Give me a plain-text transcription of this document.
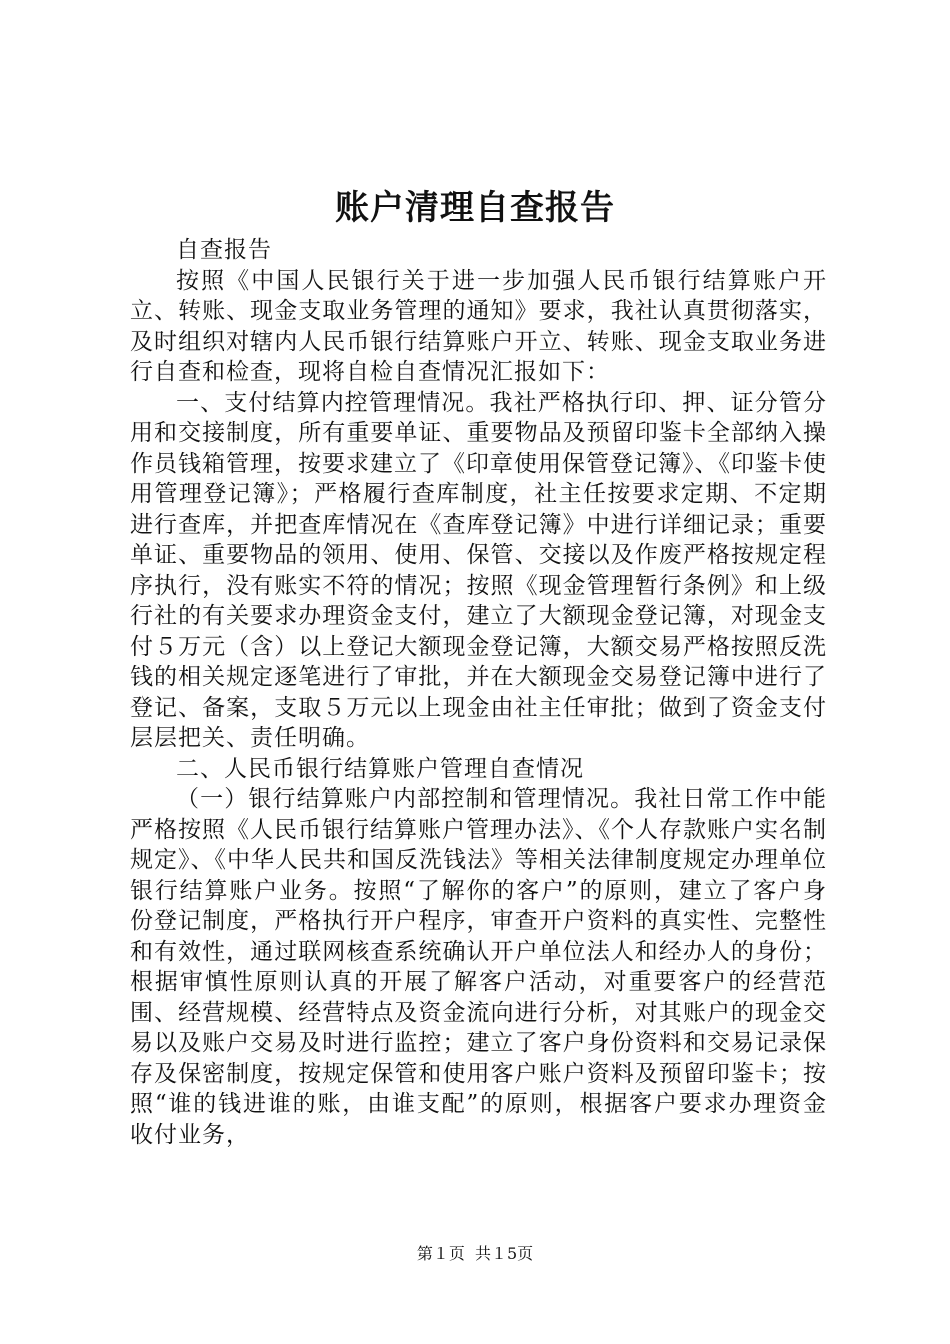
账户清理自查报告

自查报告

按照《中国人民银行关于进一步加强人民币银行结算账户开立、转账、现金支取业务管理的通知》要求，我社认真贯彻落实，及时组织对辖内人民币银行结算账户开立、转账、现金支取业务进行自查和检查，现将自检自查情况汇报如下：

一、支付结算内控管理情况。我社严格执行印、押、证分管分用和交接制度，所有重要单证、重要物品及预留印鉴卡全部纳入操作员钱箱管理，按要求建立了《印章使用保管登记簿》、《印鉴卡使用管理登记簿》；严格履行查库制度，社主任按要求定期、不定期进行查库，并把查库情况在《查库登记簿》中进行详细记录；重要单证、重要物品的领用、使用、保管、交接以及作废严格按规定程序执行，没有账实不符的情况；按照《现金管理暂行条例》和上级行社的有关要求办理资金支付，建立了大额现金登记簿，对现金支付５万元（含）以上登记大额现金登记簿，大额交易严格按照反洗钱的相关规定逐笔进行了审批，并在大额现金交易登记簿中进行了登记、备案，支取５万元以上现金由社主任审批；做到了资金支付层层把关、责任明确。

二、人民币银行结算账户管理自查情况

（一）银行结算账户内部控制和管理情况。我社日常工作中能严格按照《人民币银行结算账户管理办法》、《个人存款账户实名制规定》、《中华人民共和国反洗钱法》等相关法律制度规定办理单位银行结算账户业务。按照“了解你的客户”的原则，建立了客户身份登记制度，严格执行开户程序，审查开户资料的真实性、完整性和有效性，通过联网核查系统确认开户单位法人和经办人的身份；根据审慎性原则认真的开展了解客户活动，对重要客户的经营范围、经营规模、经营特点及资金流向进行分析，对其账户的现金交易以及账户交易及时进行监控；建立了客户身份资料和交易记录保存及保密制度，按规定保管和使用客户账户资料及预留印鉴卡；按照“谁的钱进谁的账，由谁支配”的原则，根据客户要求办理资金收付业务，

第１页 共１5页
